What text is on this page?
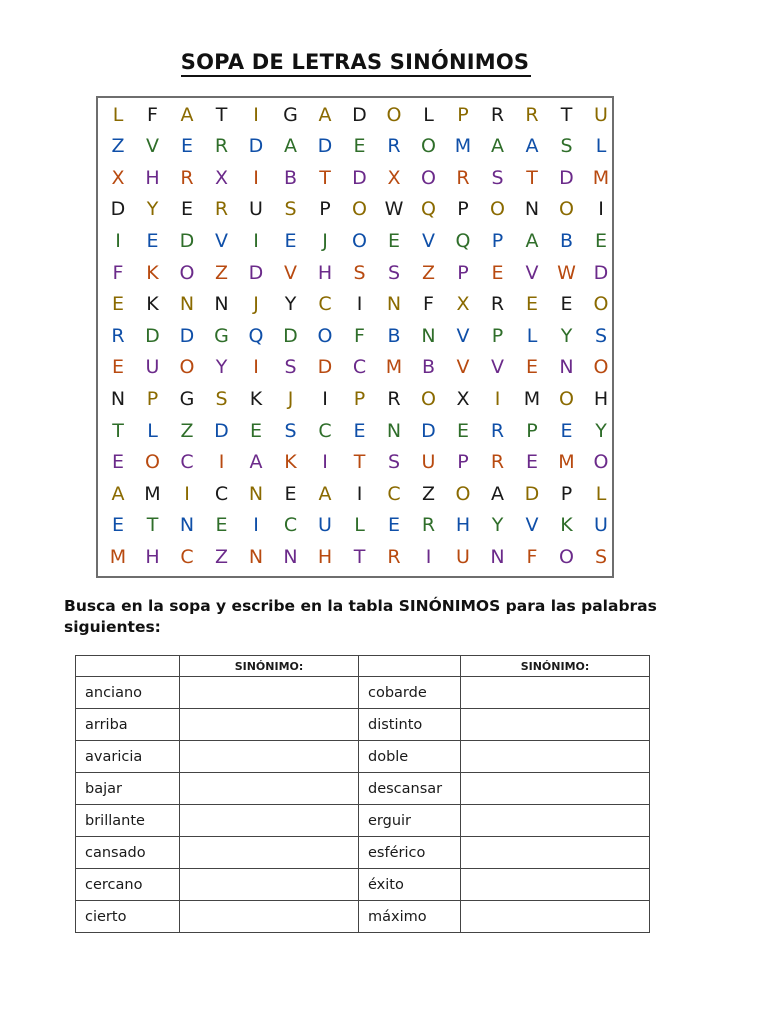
SOPA DE LETRAS SINÓNIMOS
L	F	A	T	I	G	A	D	O	L	P	R	R	T	U
Z	V	E	R	D	A	D	E	R	O M	A	A	S	L
X	H	R	X	I	B	T	D	X	O	R	S	T	D M
D	Y	E	R	U	S	P	O W Q	P	O	N	O	I
I	E	D	V	I	E	J	O	E	V	Q	P	A	B	E
F	K	O	Z	D	V	H	S	S	Z	P	E	V W D
E	K	N	N	J	Y	C	I	N	F	X	R	E	E	O
R	D	D	G	Q	D	O	F	B	N	V	P	L	Y	S
E	U	O	Y	I	S	D	C	M	B	V	V	E	N	O
N	P	G	S	K	J	I	P	R	O	X	I	M O	H
T	L	Z	D	E	S	C	E	N	D	E	R	P	E	Y
E	O	C	I	A	K	I	T	S	U	P	R	E	M O
A	M	I	C	N	E	A	I	C	Z	O	A	D	P	L
E	T	N	E	I	C	U	L	E	R	H	Y	V	K	U
M	H	C	Z	N	N	H	T	R	I	U	N	F	O	S
Busca en la sopa y escribe en la tabla SINÓNIMOS para las palabras siguientes:
	SINÓNIMO:		SINÓNIMO:
anciano		cobarde	
arriba		distinto	
avaricia		doble	
bajar		descansar	
brillante		erguir	
cansado		esférico	
cercano		éxito	
cierto		máximo	
